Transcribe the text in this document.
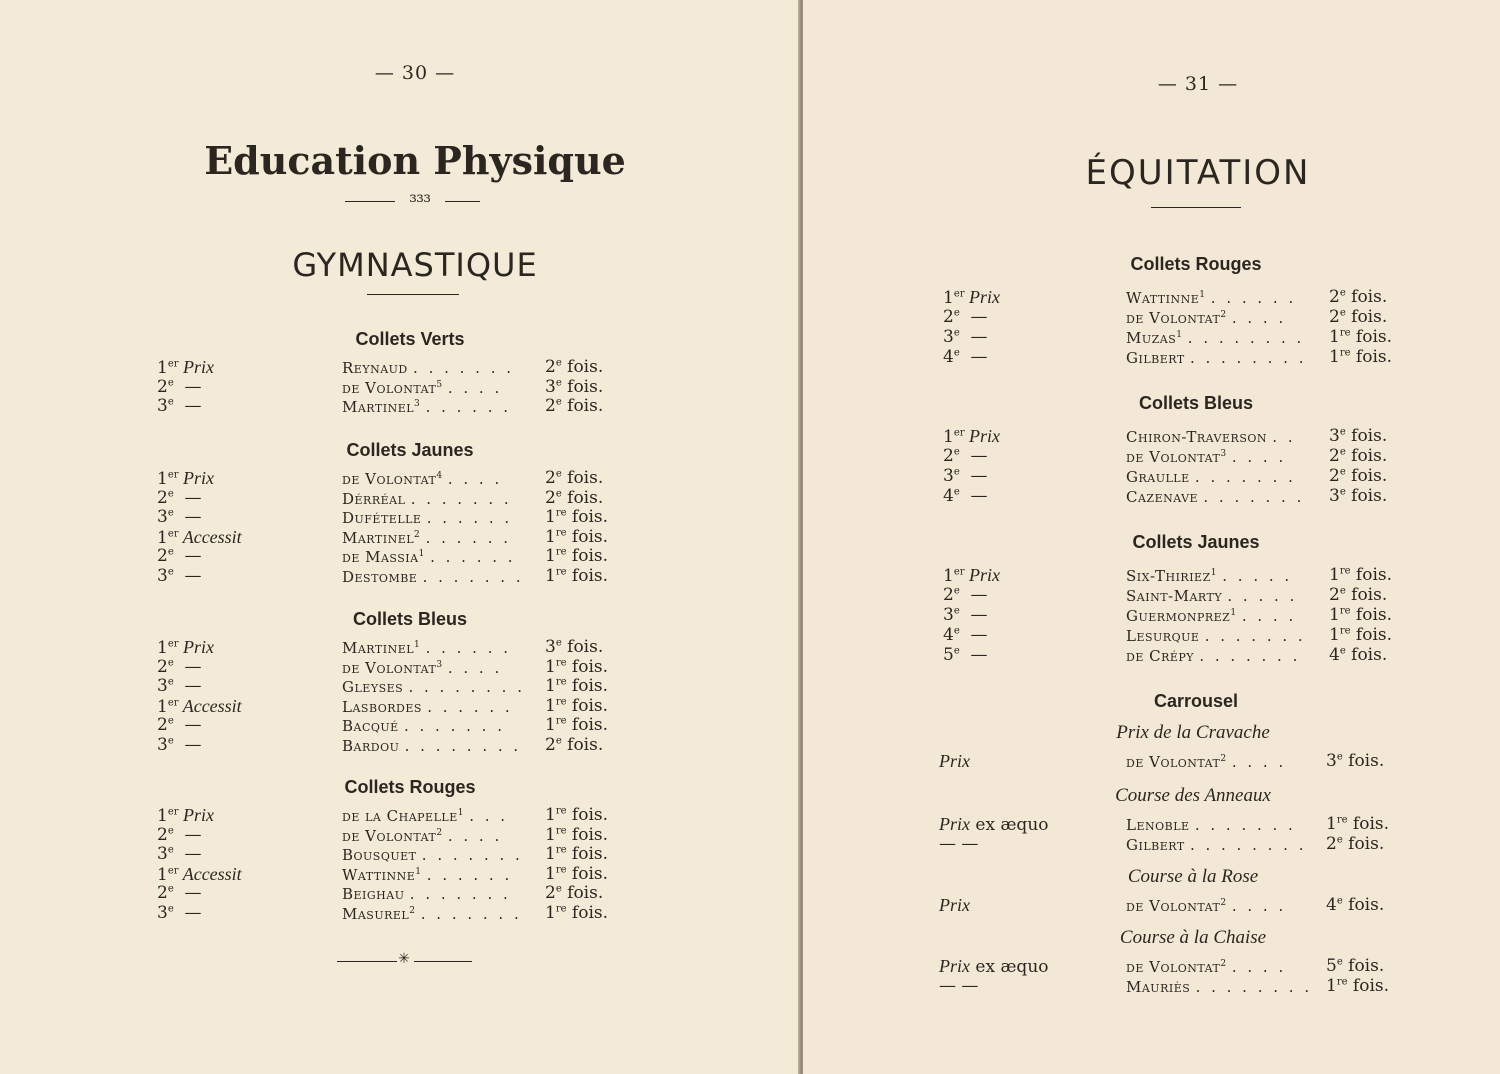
— 30 —
Education Physique
ɜɜɜ
GYMNASTIQUE
Collets Verts
1er Prix	Reynaud . . . . . . . 2e fois.
2e  —	de Volontat$^5$ . . . .	3e fois.
3e  —	Martinel$^3$ . . . . . . 2e fois.
Collets Jaunes
1er Prix	de Volontat$^4$ . . . .	2e fois.
2e  —	Dérréal . . . . . . . 2e fois.
3e  —	Dufételle . . . . . . 1re fois.
1er Accessit	Martinel$^2$ . . . . . . 1re fois.
2e  —	de Massia$^1$ . . . . . . 1re fois.
3e  —	Destombe . . . . . . . 1re fois.
Collets Bleus
1er Prix	Martinel$^1$ . . . . . . 3e fois.
2e  —	de Volontat$^3$ . . . .	1re fois.
3e  —	Gleyses . . . . . . . . 1re fois.
1er Accessit	Lasbordes . . . . . . 1re fois.
2e  —	Bacqué . . . . . . . 1re fois.
3e  —	Bardou . . . . . . . . 2e fois.
Collets Rouges
1er Prix	de la Chapelle$^1$ . . . 1re fois.
2e  —	de Volontat$^2$ . . . .	1re fois.
3e  —	Bousquet . . . . . . . 1re fois.
1er Accessit	Wattinne$^1$ . . . . . . 1re fois.
2e  —	Beighau . . . . . . . 2e fois.
3e  —	Masurel$^2$ . . . . . . . 1re fois.
✳
— 31 —
ÉQUITATION
Collets Rouges
1er Prix	Wattinne$^1$ . . . . . . 2e fois.
2e  —	de Volontat$^2$ . . . .	2e fois.
3e  —	Muzas$^1$ . . . . . . . . 1re fois.
4e  —	Gilbert . . . . . . . . 1re fois.
Collets Bleus
1er Prix	Chiron-Traverson . . 3e fois.
2e  —	de Volontat$^3$ . . . .	2e fois.
3e  —	Graulle . . . . . . . 2e fois.
4e  —	Cazenave . . . . . . . 3e fois.
Collets Jaunes
1er Prix	Six-Thiriez$^1$ . . . . . 1re fois.
2e  —	Saint-Marty . . . . . 2e fois.
3e  —	Guermonprez$^1$ . . . . 1re fois.
4e  —	Lesurque . . . . . . . 1re fois.
5e  —	de Crépy . . . . . . . 4e fois.
Carrousel
Prix de la Cravache
Prix	de Volontat$^2$ . . . . 3e fois.
Course des Anneaux
Prix ex æquo	Lenoble . . . . . . . 1re fois.
— —	Gilbert . . . . . . . . 2e fois.
Course à la Rose
Prix	de Volontat$^2$ . . . . 4e fois.
Course à la Chaise
Prix ex æquo	de Volontat$^2$ . . . . 5e fois.
— —	Mauriès . . . . . . . . 1re fois.
